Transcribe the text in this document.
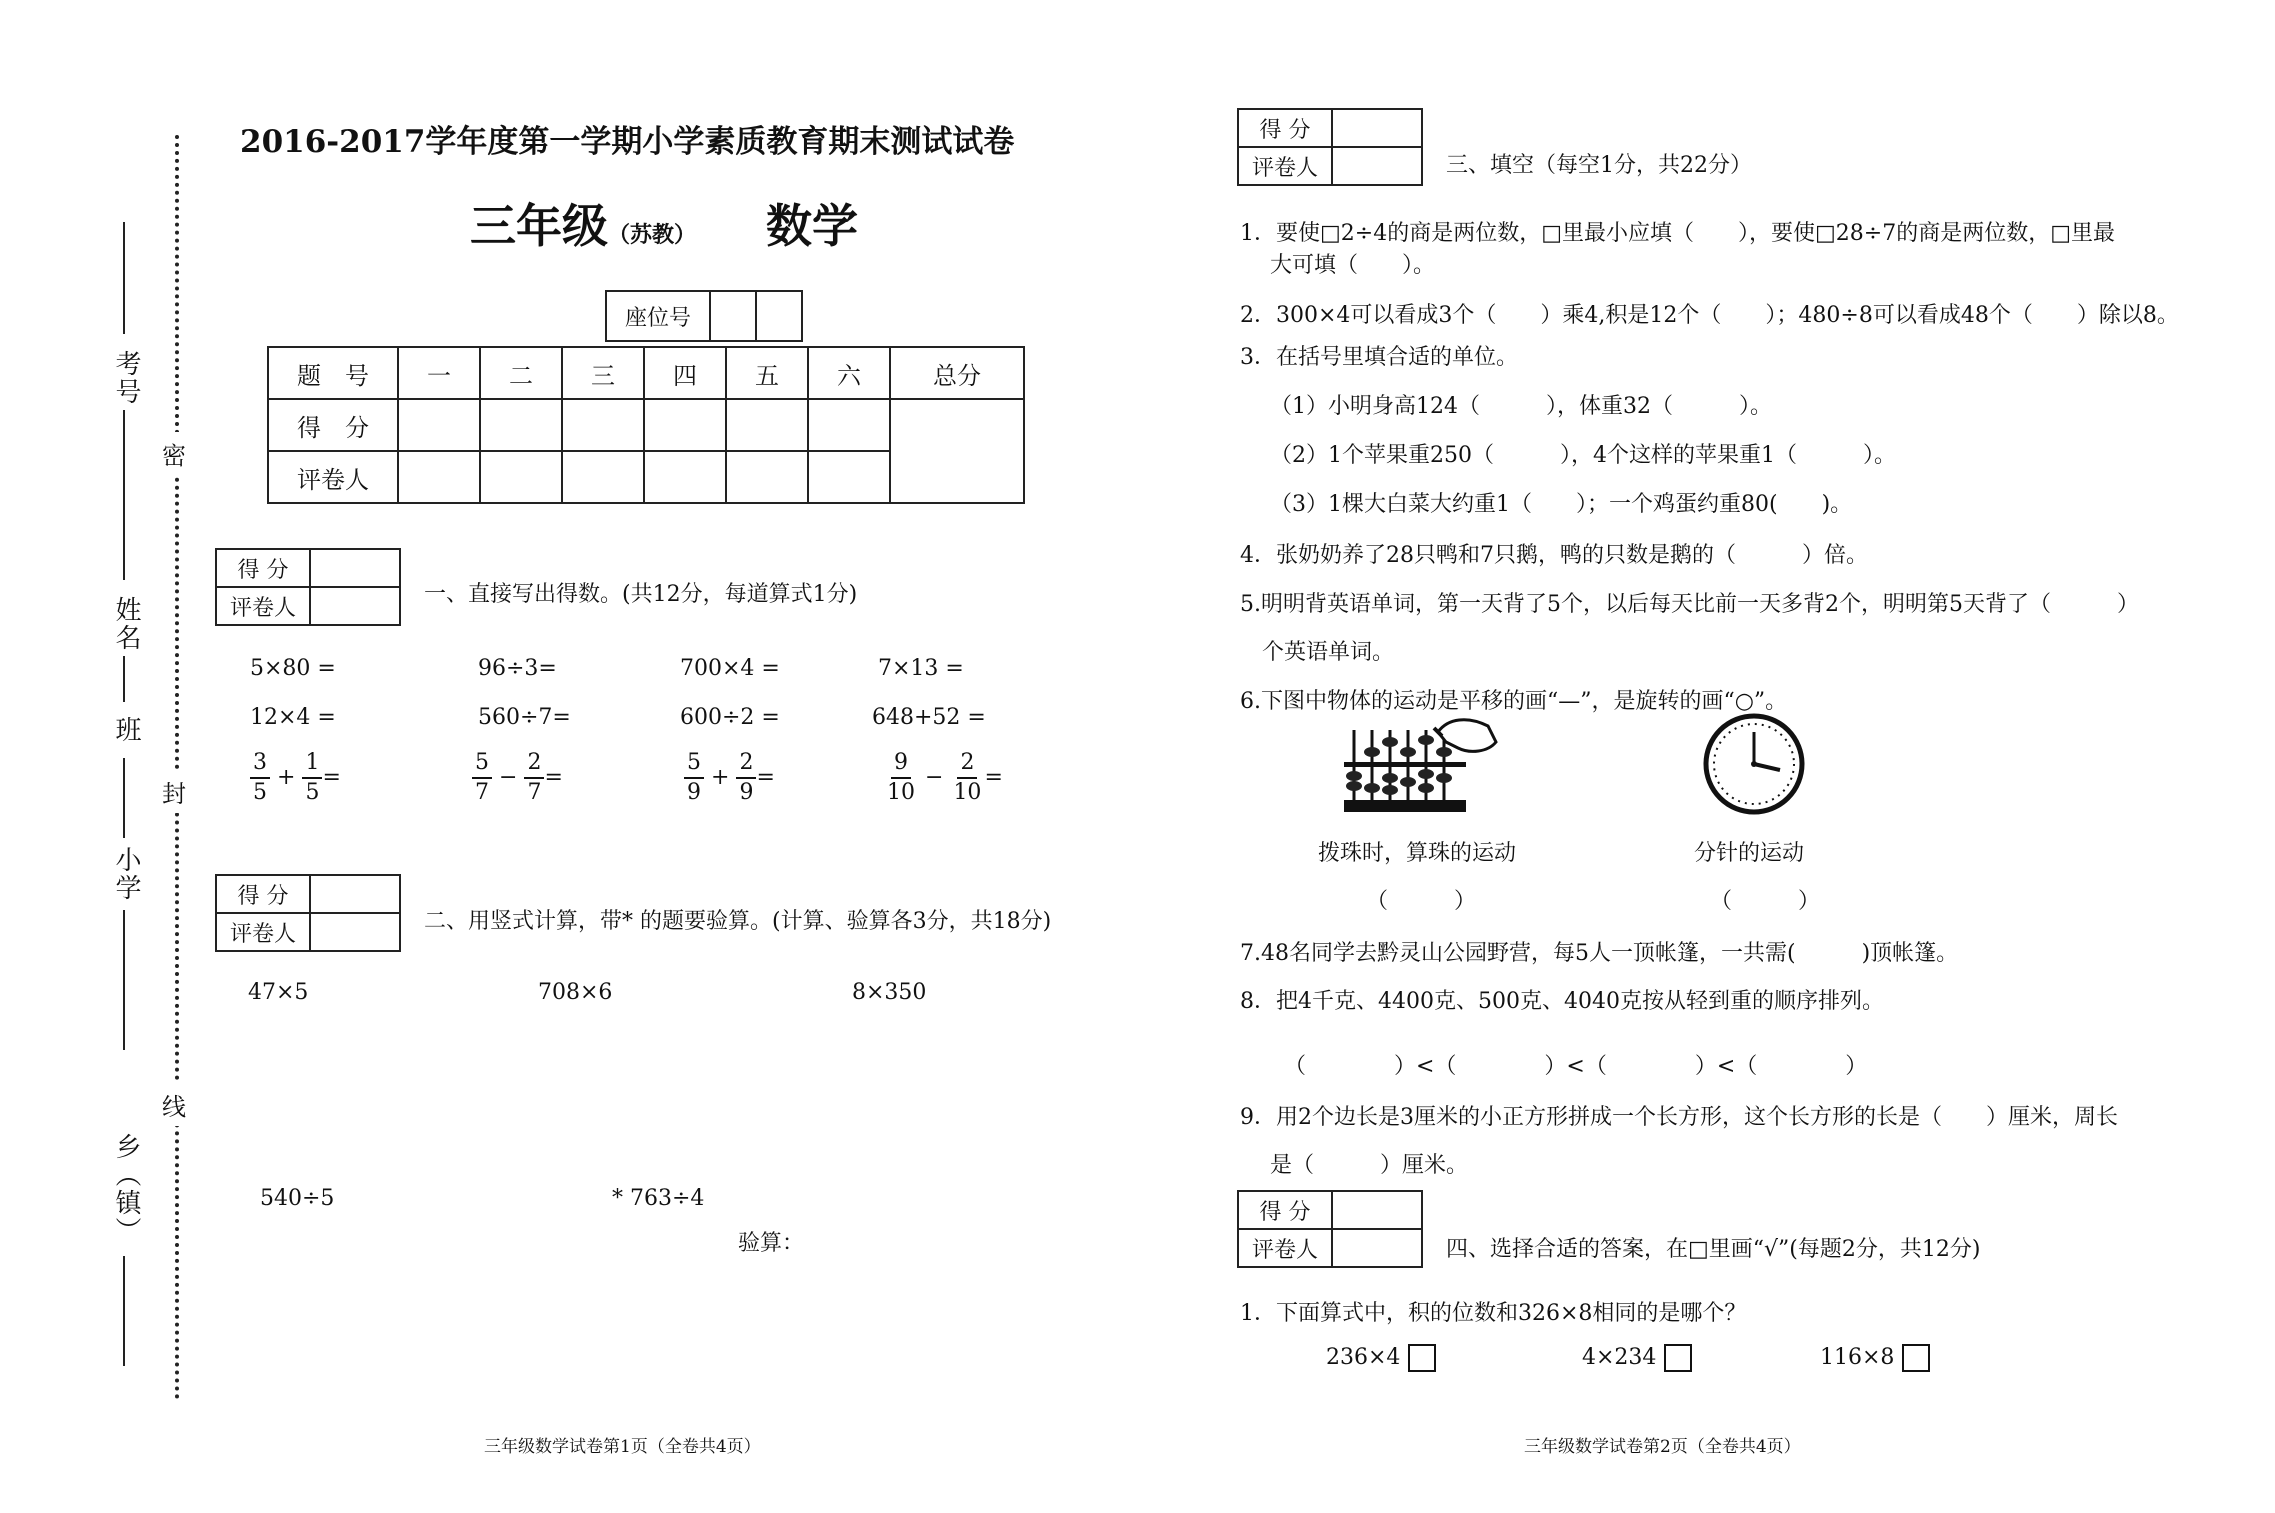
密
封
线
考号
姓名
班
小学
乡（镇）
2016-2017学年度第一学期小学素质教育期末测试试卷
三年级（苏教） 数学
座位号		
题　号	一	二	三	四	五	六	总分
得　分							
评卷人							
得 分	
评卷人	
一、直接写出得数。(共12分，每道算式1分)
5×80 =	96÷3=	700×4 =	7×13 =
12×4 =	560÷7=	600÷2 =	648+52 =
$\frac{3}{5} + \frac{1}{5}$ =	$\frac{5}{7} - \frac{2}{7}$ =	$\frac{5}{9} + \frac{2}{9}$ =	$\frac{9}{10} - \frac{2}{10}$ =
得 分	
评卷人		二、用竖式计算，带* 的题要验算。(计算、验算各3分，共18分)
47×5	708×6	8×350
540÷5	* 763÷4
验算：
三年级数学试卷第1页（全卷共4页）
得 分	
评卷人		三、填空（每空1分，共22分）
1．要使□2÷4的商是两位数，□里最小应填（　　），要使□28÷7的商是两位数，□里最
大可填（　　）。
2．300×4可以看成3个（　　）乘4,积是12个（　　）；480÷8可以看成48个（　　）除以8。
3．在括号里填合适的单位。
（1）小明身高124（　　　），体重32（　　　）。
（2）1个苹果重250（　　　），4个这样的苹果重1（　　　）。
（3）1棵大白菜大约重1（　　）；一个鸡蛋约重80(　　)。
4．张奶奶养了28只鸭和7只鹅，鸭的只数是鹅的（　　　）倍。
5.明明背英语单词，第一天背了5个，以后每天比前一天多背2个，明明第5天背了（　　　）
个英语单词。
6.下图中物体的运动是平移的画“—”，是旋转的画“○”。
拨珠时，算珠的运动	分针的运动
（　　　）	（　　　）
7.48名同学去黔灵山公园野营，每5人一顶帐篷，一共需(　　　)顶帐篷。
8．把4千克、4400克、500克、4040克按从轻到重的顺序排列。
（　　　　）<（　　　　）<（　　　　）<（　　　　）
9．用2个边长是3厘米的小正方形拼成一个长方形，这个长方形的长是（　　）厘米，周长
是（　　　）厘米。
得 分	
评卷人		四、选择合适的答案，在□里画“√”(每题2分，共12分)
1．下面算式中，积的位数和326×8相同的是哪个？
236×4	4×234	116×8
三年级数学试卷第2页（全卷共4页）
